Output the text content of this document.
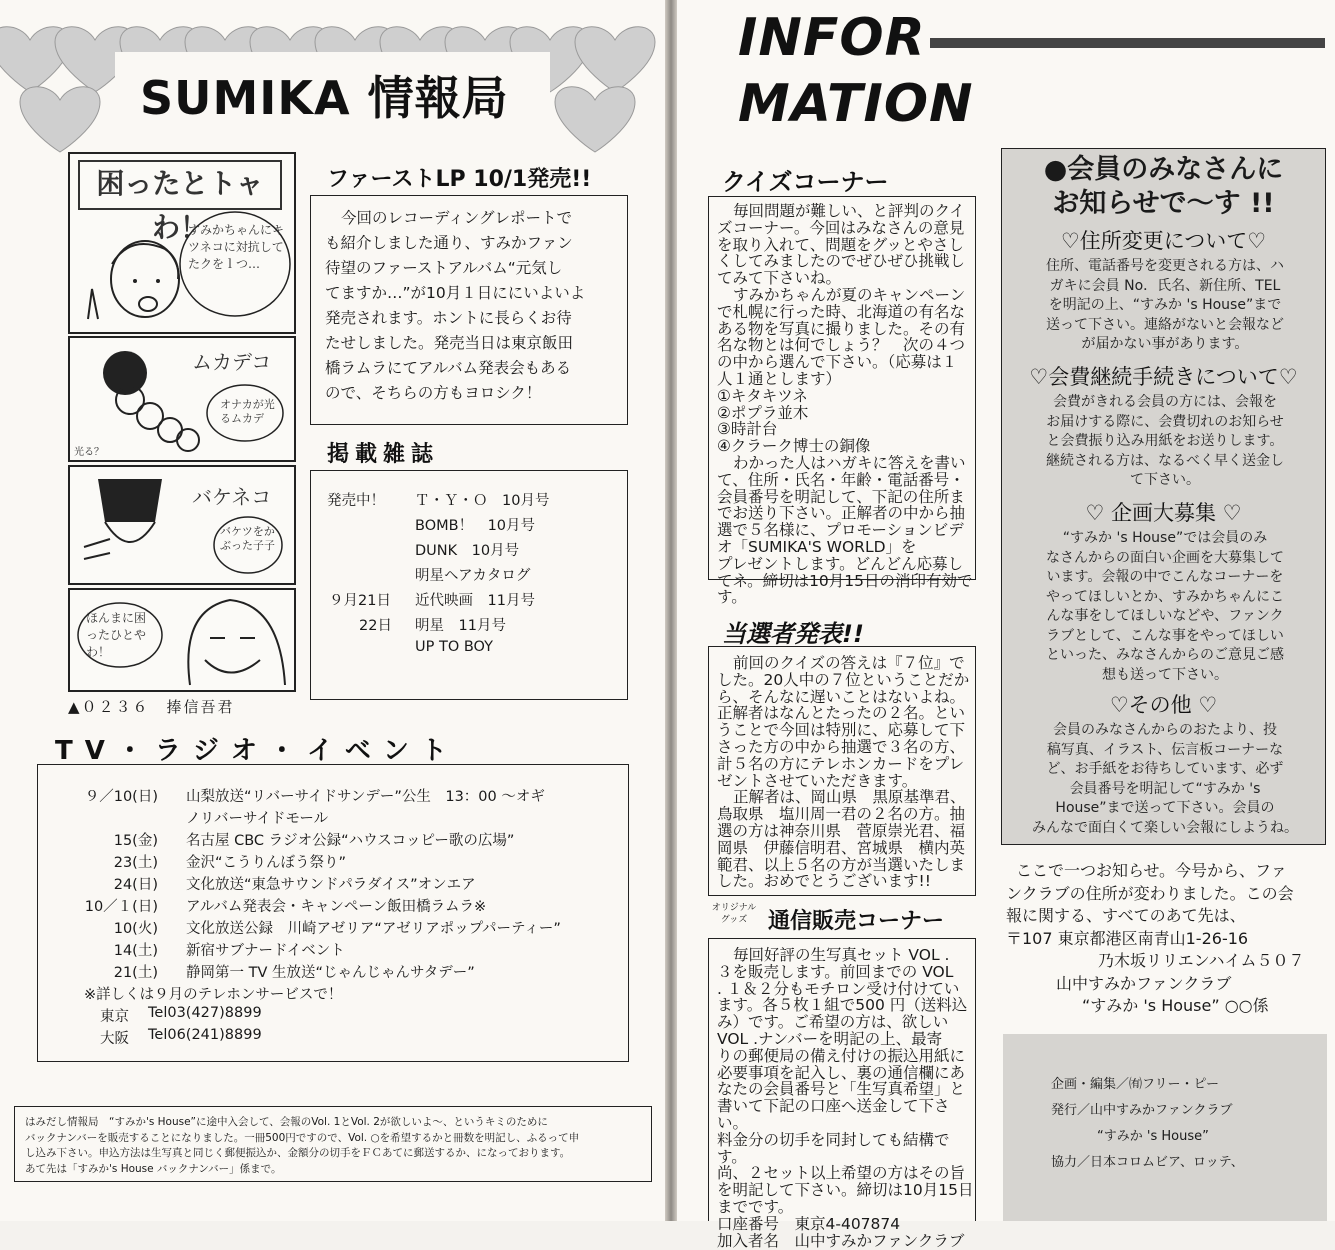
SUMIKA 情報局
困ったとトャわ！
すみかちゃんにキツネコに対抗してたクをｌつ…
ムカデコ
オナカが光るムカデ
光る？
バケネコ
バケツをかぶった子子
ほんまに困ったひとやわ！
▲０２３６　捧信吾君
ファーストLP 10/1発売!!
今回のレコーディングレポートで
も紹介しました通り、すみかファン
待望のファーストアルバム“元気し
てますか…”が10月１日ににいよいよ
発売されます。ホントに長らくお待
たせしました。発売当日は東京飯田
橋ラムラにてアルバム発表会もある
ので、そちらの方もヨロシク！
掲載雑誌
発売中！ Ｔ・Ｙ・Ｏ　10月号
BOMB！　10月号
DUNK　10月号
明星ヘアカタログ
９月21日 近代映画　11月号
22日 明星　11月号
UP TO BOY
TV・ラジオ・イベント
９／10(日) 山梨放送“リバーサイドサンデー”公生　13：00 〜オギ
ノリバーサイドモール
15(金) 名古屋 CBC ラジオ公録“ハウスコッピー歌の広場”
23(土) 金沢“こうりんぼう祭り”
24(日) 文化放送“東急サウンドパラダイス”オンエア
10／１(日) アルバム発表会・キャンペーン飯田橋ラムラ※
10(火) 文化放送公録　川崎アゼリア“アゼリアポップパーティー”
14(土) 新宿サブナードイベント
21(土) 静岡第一 TV 生放送“じゃんじゃんサタデー”
※詳しくは９月のテレホンサービスで！
東京 Tel03(427)8899
大阪 Tel06(241)8899
はみだし情報局　“すみか's House”に途中入会して、会報のVol. 1とVol. 2が欲しいよ〜、というキミのために
バックナンバーを販売することになりました。一冊500円ですので、Vol. ○を希望するかと冊数を明記し、ふるって申
し込み下さい。申込方法は生写真と同じく郵便振込か、金額分の切手をＦＣあてに郵送するか、になっております。
あて先は「すみか's House バックナンバー」係まで。
INFOR
MATION
クイズコーナー
毎回問題が難しい、と評判のクイ
ズコーナー。今回はみなさんの意見
を取り入れて、問題をグッとやさし
くしてみましたのでぜひぜひ挑戦し
てみて下さいね。
すみかちゃんが夏のキャンペーン
で札幌に行った時、北海道の有名な
ある物を写真に撮りました。その有
名な物とは何でしょう？　次の４つ
の中から選んで下さい。（応募は１
人１通とします）
①キタキツネ
②ポプラ並木
③時計台
④クラーク博士の銅像
わかった人はハガキに答えを書い
て、住所・氏名・年齢・電話番号・
会員番号を明記して、下記の住所ま
でお送り下さい。正解者の中から抽
選で５名様に、プロモーションビデ
オ「SUMIKA'S WORLD」を
プレゼントします。どんどん応募し
てネ。締切は10月15日の消印有効で
す。
当選者発表!!
前回のクイズの答えは『７位』で
した。20人中の７位ということだか
ら、そんなに遅いことはないよね。
正解者はなんとたったの２名。とい
うことで今回は特別に、応募して下
さった方の中から抽選で３名の方、
計５名の方にテレホンカードをプレ
ゼントさせていただきます。
正解者は、岡山県　黒原基準君、
鳥取県　塩川周一君の２名の方。抽
選の方は神奈川県　菅原崇光君、福
岡県　伊藤信明君、宮城県　横内英
範君、以上５名の方が当選いたしま
した。おめでとうございます!!
オリジナル グッズ 通信販売コーナー
毎回好評の生写真セット VOL .
３を販売します。前回までの VOL
. １＆２分もモチロン受け付けてい
ます。各５枚１組で500 円（送料込
み）です。ご希望の方は、欲しい
VOL .ナンバーを明記の上、最寄
りの郵便局の備え付けの振込用紙に
必要事項を記入し、裏の通信欄にあ
なたの会員番号と「生写真希望」と
書いて下記の口座へ送金して下さい。
料金分の切手を同封しても結構です。
尚、２セット以上希望の方はその旨
を明記して下さい。締切は10月15日
までです。
口座番号　東京4-407874
加入者名　山中すみかファンクラブ
●会員のみなさんに
お知らせで〜す !!
♡住所変更について♡
住所、電話番号を変更される方は、ハ
ガキに会員 No．氏名、新住所、TEL
を明記の上、“すみか 's House”まで
送って下さい。連絡がないと会報など
が届かない事があります。
♡会費継続手続きについて♡
会費がきれる会員の方には、会報を
お届けする際に、会費切れのお知らせ
と会費振り込み用紙をお送りします。
継続される方は、なるべく早く送金し
て下さい。
♡ 企画大募集 ♡
“すみか 's House”では会員のみ
なさんからの面白い企画を大募集して
います。会報の中でこんなコーナーを
やってほしいとか、すみかちゃんにこ
んな事をしてほしいなどや、ファンク
ラブとして、こんな事をやってほしい
といった、みなさんからのご意見ご感
想も送って下さい。
♡その他 ♡
会員のみなさんからのおたより、投
稿写真、イラスト、伝言板コーナーな
ど、お手紙をお待ちしています、必ず
会員番号を明記して“すみか 's
House”まで送って下さい。会員の
みんなで面白くて楽しい会報にしようね。
ここで一つお知らせ。今号から、ファ
ンクラブの住所が変わりました。この会
報に関する、すべてのあて先は、
〒107 東京都港区南青山1-26-16
乃木坂リリエンハイム５０７
山中すみかファンクラブ
“すみか 's House” ○○係
企画・編集／㈲フリー・ピー
発行／山中すみかファンクラブ
“すみか 's House”
協力／日本コロムビア、ロッテ、
